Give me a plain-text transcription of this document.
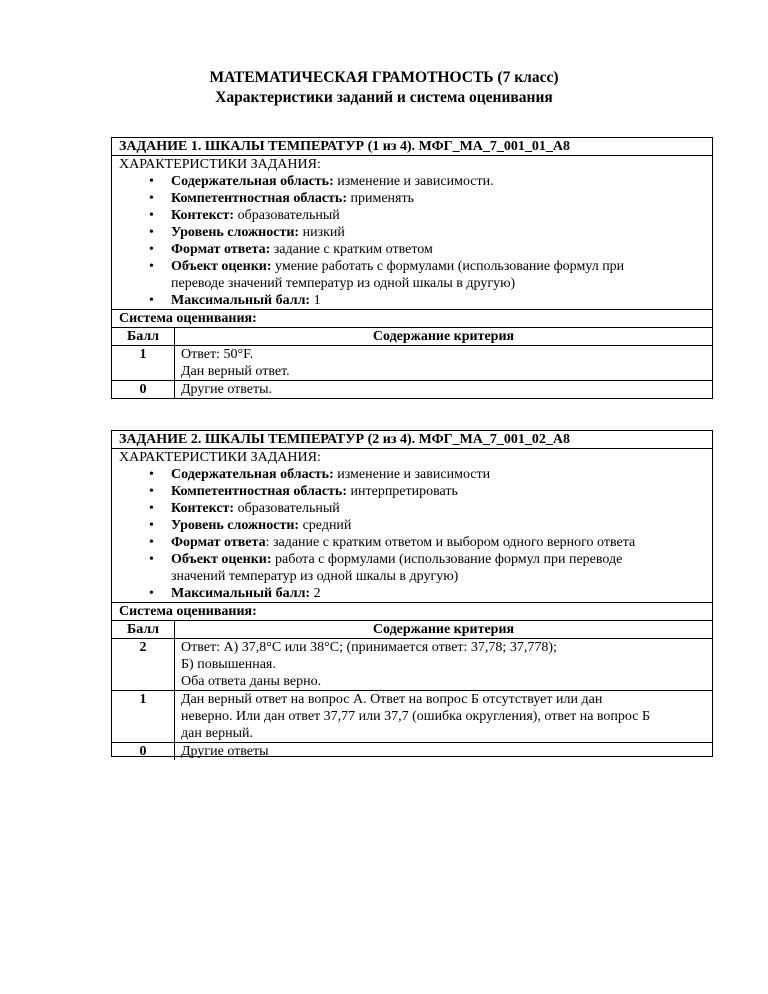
МАТЕМАТИЧЕСКАЯ ГРАМОТНОСТЬ (7 класс)
Характеристики заданий и система оценивания
ЗАДАНИЕ 1. ШКАЛЫ ТЕМПЕРАТУР (1 из 4). МФГ_МА_7_001_01_А8
ХАРАКТЕРИСТИКИ ЗАДАНИЯ:
• Содержательная область: изменение и зависимости.
• Компетентностная область: применять
• Контекст: образовательный
• Уровень сложности: низкий
• Формат ответа: задание с кратким ответом
• Объект оценки: умение работать с формулами (использование формул при
переводе значений температур из одной шкалы в другую)
• Максимальный балл: 1
Система оценивания:
Балл	Содержание критерия
1	Ответ: 50°F.
Дан верный ответ.

0	Другие ответы.
ЗАДАНИЕ 2. ШКАЛЫ ТЕМПЕРАТУР (2 из 4). МФГ_МА_7_001_02_А8
ХАРАКТЕРИСТИКИ ЗАДАНИЯ:
• Содержательная область: изменение и зависимости
• Компетентностная область: интерпретировать
• Контекст: образовательный
• Уровень сложности: средний
• Формат ответа: задание с кратким ответом и выбором одного верного ответа
• Объект оценки: работа с формулами (использование формул при переводе
значений температур из одной шкалы в другую)
• Максимальный балл: 2
Система оценивания:
Балл	Содержание критерия
2	Ответ: А) 37,8°С или 38°С; (принимается ответ: 37,78; 37,778);
Б) повышенная.
Оба ответа даны верно.

1	Дан верный ответ на вопрос А. Ответ на вопрос Б отсутствует или дан
неверно. Или дан ответ 37,77 или 37,7 (ошибка округления), ответ на вопрос Б
дан верный.

0	Другие ответы
